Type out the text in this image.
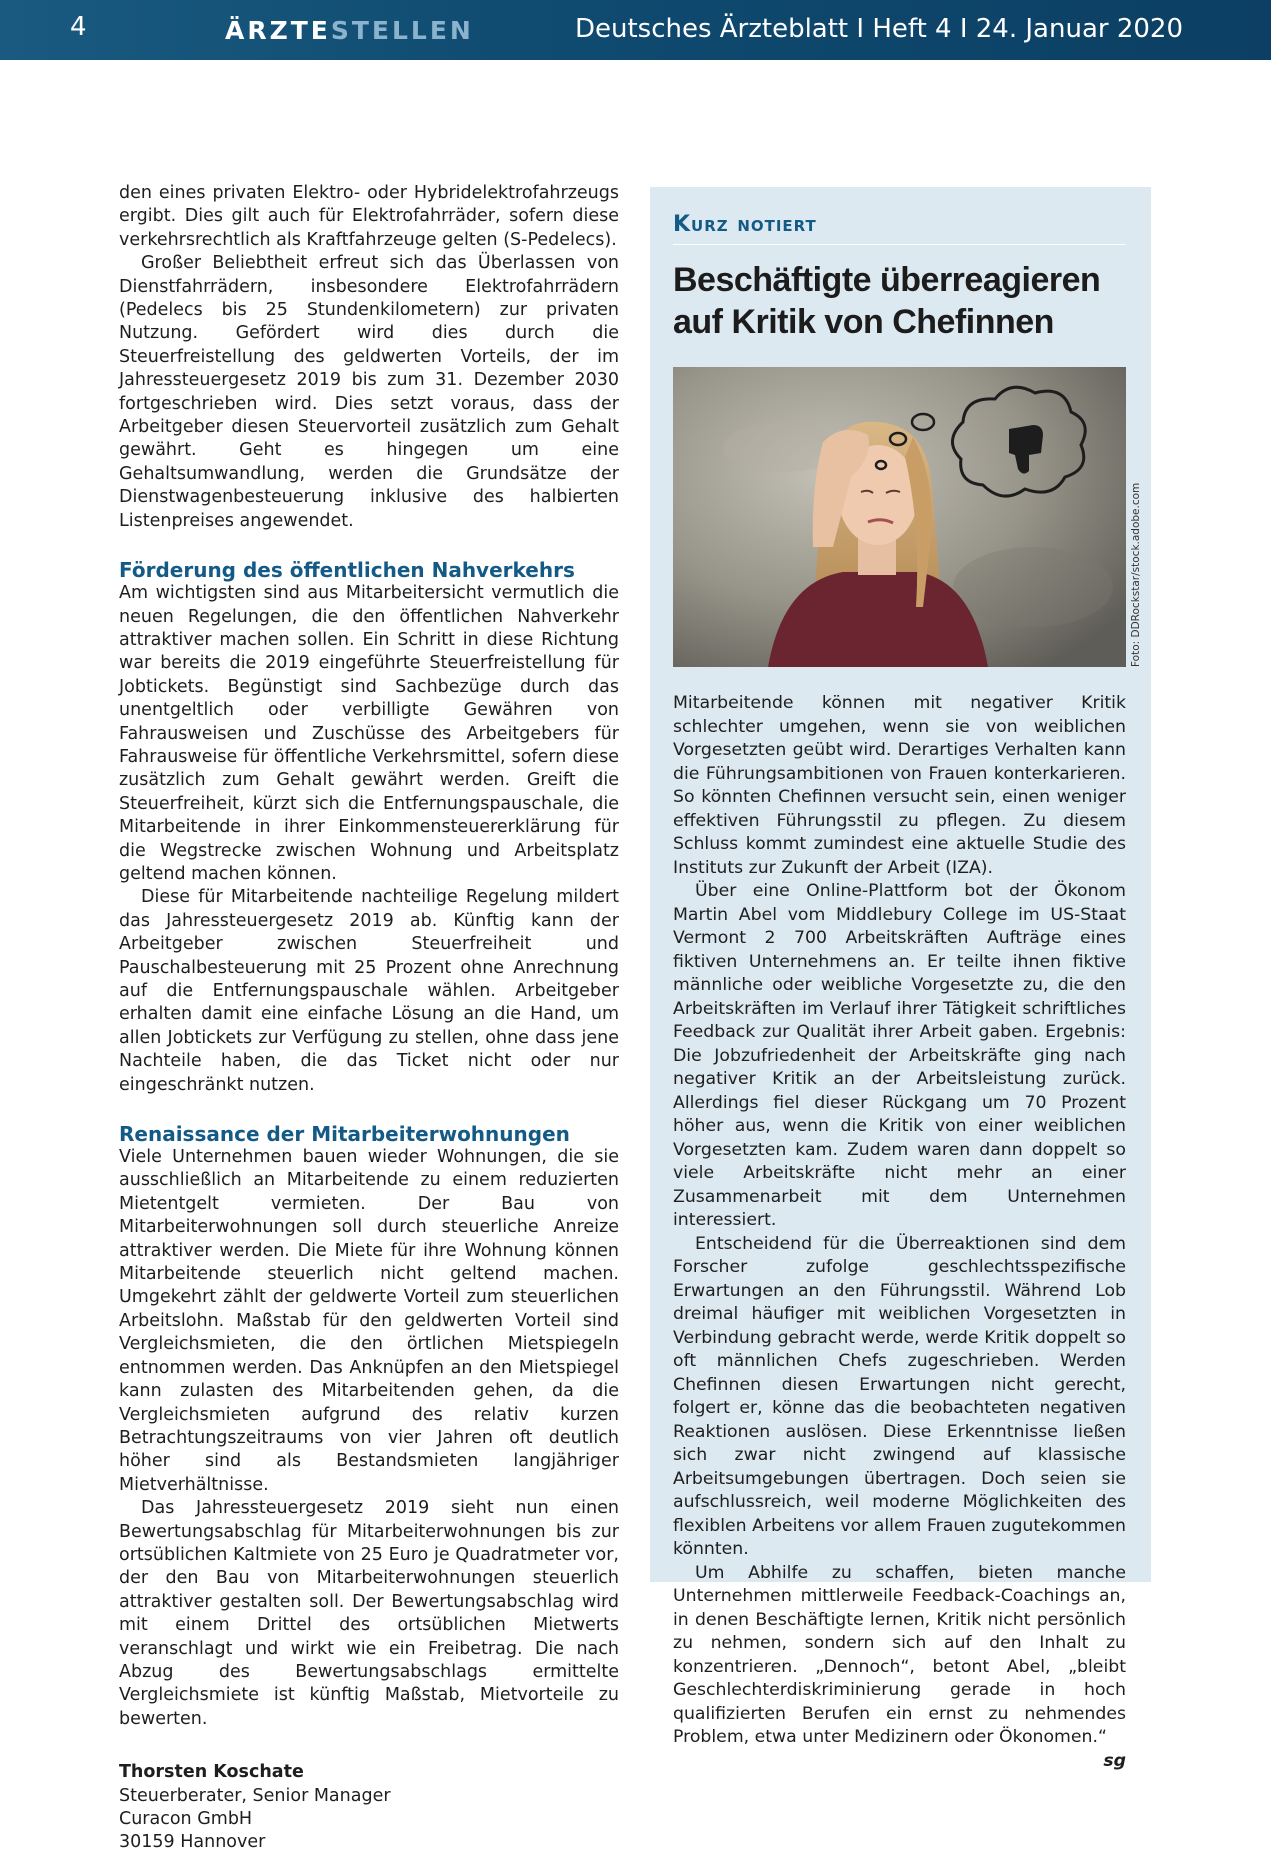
4	ÄRZTESTELLEN	Deutsches Ärzteblatt I Heft 4 I 24. Januar 2020

den eines privaten Elektro- oder Hybridelektrofahrzeugs ergibt. Dies gilt auch für Elektrofahrräder, sofern diese verkehrsrechtlich als Kraftfahrzeuge gelten (S-Pedelecs).

Großer Beliebtheit erfreut sich das Überlassen von Dienstfahrrädern, insbesondere Elektrofahrrädern (Pedelecs bis 25 Stundenkilometern) zur privaten Nutzung. Gefördert wird dies durch die Steuerfreistellung des geldwerten Vorteils, der im Jahressteuergesetz 2019 bis zum 31. Dezember 2030 fortgeschrieben wird. Dies setzt voraus, dass der Arbeitgeber diesen Steuervorteil zusätzlich zum Gehalt gewährt. Geht es hingegen um eine Gehaltsumwandlung, werden die Grundsätze der Dienstwagenbesteuerung inklusive des halbierten Listenpreises angewendet.

Förderung des öffentlichen Nahverkehrs

Am wichtigsten sind aus Mitarbeitersicht vermutlich die neuen Regelungen, die den öffentlichen Nahverkehr attraktiver machen sollen. Ein Schritt in diese Richtung war bereits die 2019 eingeführte Steuerfreistellung für Jobtickets. Begünstigt sind Sachbezüge durch das unentgeltlich oder verbilligte Gewähren von Fahrausweisen und Zuschüsse des Arbeitgebers für Fahrausweise für öffentliche Verkehrsmittel, sofern diese zusätzlich zum Gehalt gewährt werden. Greift die Steuerfreiheit, kürzt sich die Entfernungspauschale, die Mitarbeitende in ihrer Einkommensteuererklärung für die Wegstrecke zwischen Wohnung und Arbeitsplatz geltend machen können.

Diese für Mitarbeitende nachteilige Regelung mildert das Jahressteuergesetz 2019 ab. Künftig kann der Arbeitgeber zwischen Steuerfreiheit und Pauschalbesteuerung mit 25 Prozent ohne Anrechnung auf die Entfernungspauschale wählen. Arbeitgeber erhalten damit eine einfache Lösung an die Hand, um allen Jobtickets zur Verfügung zu stellen, ohne dass jene Nachteile haben, die das Ticket nicht oder nur eingeschränkt nutzen.

Renaissance der Mitarbeiterwohnungen

Viele Unternehmen bauen wieder Wohnungen, die sie ausschließlich an Mitarbeitende zu einem reduzierten Mietentgelt vermieten. Der Bau von Mitarbeiterwohnungen soll durch steuerliche Anreize attraktiver werden. Die Miete für ihre Wohnung können Mitarbeitende steuerlich nicht geltend machen. Umgekehrt zählt der geldwerte Vorteil zum steuerlichen Arbeitslohn. Maßstab für den geldwerten Vorteil sind Vergleichsmieten, die den örtlichen Mietspiegeln entnommen werden. Das Anknüpfen an den Mietspiegel kann zulasten des Mitarbeitenden gehen, da die Vergleichsmieten aufgrund des relativ kurzen Betrachtungszeitraums von vier Jahren oft deutlich höher sind als Bestandsmieten langjähriger Mietverhältnisse.

Das Jahressteuergesetz 2019 sieht nun einen Bewertungsabschlag für Mitarbeiterwohnungen bis zur ortsüblichen Kaltmiete von 25 Euro je Quadratmeter vor, der den Bau von Mitarbeiterwohnungen steuerlich attraktiver gestalten soll. Der Bewertungsabschlag wird mit einem Drittel des ortsüblichen Mietwerts veranschlagt und wirkt wie ein Freibetrag. Die nach Abzug des Bewertungsabschlags ermittelte Vergleichsmiete ist künftig Maßstab, Mietvorteile zu bewerten.

Thorsten Koschate
Steuerberater, Senior Manager
Curacon GmbH
30159 Hannover
Kurz notiert
Beschäftigte überreagieren auf Kritik von Chefinnen
Foto: DDRockstar/stock.adobe.com

Mitarbeitende können mit negativer Kritik schlechter umgehen, wenn sie von weiblichen Vorgesetzten geübt wird. Derartiges Verhalten kann die Führungsambitionen von Frauen konterkarieren. So könnten Chefinnen versucht sein, einen weniger effektiven Führungsstil zu pflegen. Zu diesem Schluss kommt zumindest eine aktuelle Studie des Instituts zur Zukunft der Arbeit (IZA).

Über eine Online-Plattform bot der Ökonom Martin Abel vom Middlebury College im US-Staat Vermont 2 700 Arbeitskräften Aufträge eines fiktiven Unternehmens an. Er teilte ihnen fiktive männliche oder weibliche Vorgesetzte zu, die den Arbeitskräften im Verlauf ihrer Tätigkeit schriftliches Feedback zur Qualität ihrer Arbeit gaben. Ergebnis: Die Jobzufriedenheit der Arbeitskräfte ging nach negativer Kritik an der Arbeitsleistung zurück. Allerdings fiel dieser Rückgang um 70 Prozent höher aus, wenn die Kritik von einer weiblichen Vorgesetzten kam. Zudem waren dann doppelt so viele Arbeitskräfte nicht mehr an einer Zusammenarbeit mit dem Unternehmen interessiert.

Entscheidend für die Überreaktionen sind dem Forscher zufolge geschlechtsspezifische Erwartungen an den Führungsstil. Während Lob dreimal häufiger mit weiblichen Vorgesetzten in Verbindung gebracht werde, werde Kritik doppelt so oft männlichen Chefs zugeschrieben. Werden Chefinnen diesen Erwartungen nicht gerecht, folgert er, könne das die beobachteten negativen Reaktionen auslösen. Diese Erkenntnisse ließen sich zwar nicht zwingend auf klassische Arbeitsumgebungen übertragen. Doch seien sie aufschlussreich, weil moderne Möglichkeiten des flexiblen Arbeitens vor allem Frauen zugutekommen könnten.

Um Abhilfe zu schaffen, bieten manche Unternehmen mittlerweile Feedback-Coachings an, in denen Beschäftigte lernen, Kritik nicht persönlich zu nehmen, sondern sich auf den Inhalt zu konzentrieren. „Dennoch“, betont Abel, „bleibt Geschlechterdiskriminierung gerade in hoch qualifizierten Berufen ein ernst zu nehmendes Problem, etwa unter Medizinern oder Ökonomen.“
sg
